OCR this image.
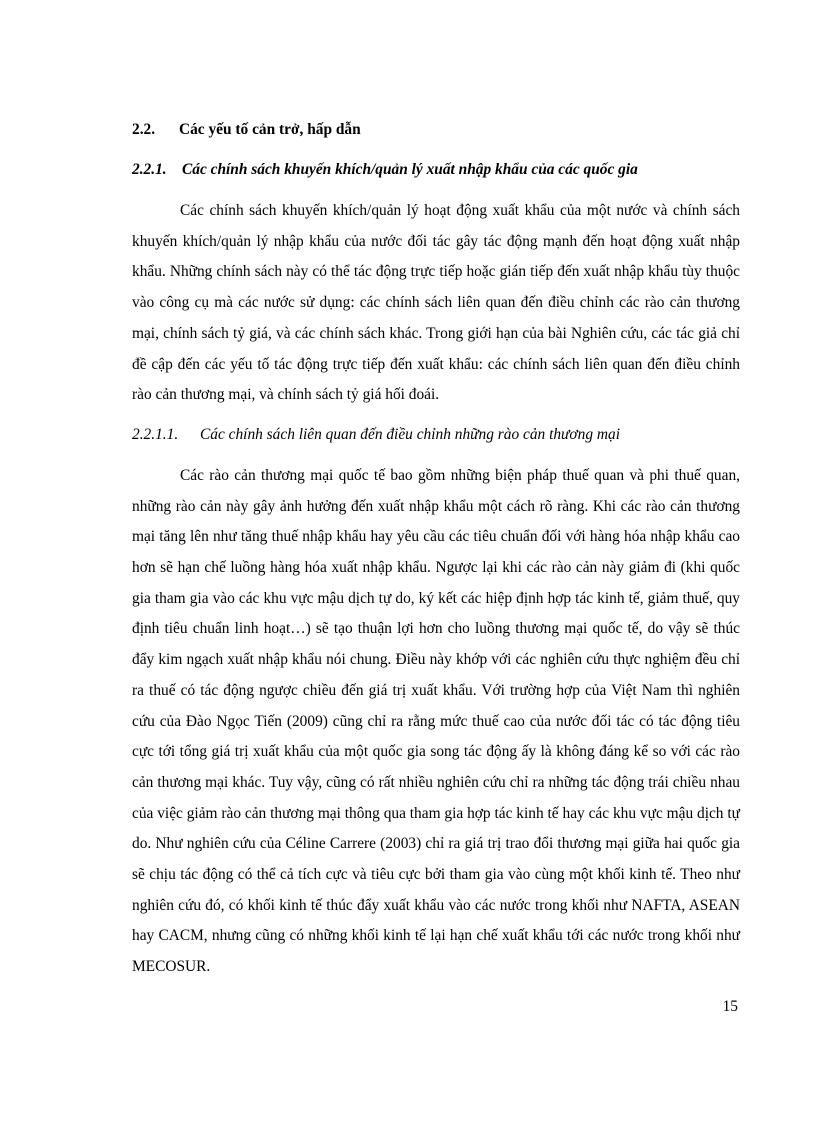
2.2. Các yếu tố cản trở, hấp dẫn
2.2.1. Các chính sách khuyến khích/quản lý xuất nhập khẩu của các quốc gia

Các chính sách khuyến khích/quản lý hoạt động xuất khẩu của một nước và chính sách khuyến khích/quản lý nhập khẩu của nước đối tác gây tác động mạnh đến hoạt động xuất nhập khẩu. Những chính sách này có thể tác động trực tiếp hoặc gián tiếp đến xuất nhập khẩu tùy thuộc vào công cụ mà các nước sử dụng: các chính sách liên quan đến điều chỉnh các rào cản thương mại, chính sách tỷ giá, và các chính sách khác. Trong giới hạn của bài Nghiên cứu, các tác giả chỉ đề cập đến các yếu tố tác động trực tiếp đến xuất khẩu: các chính sách liên quan đến điều chỉnh rào cản thương mại, và chính sách tỷ giá hối đoái.

2.2.1.1. Các chính sách liên quan đến điều chỉnh những rào cản thương mại

Các rào cản thương mại quốc tế bao gồm những biện pháp thuế quan và phi thuế quan, những rào cản này gây ảnh hưởng đến xuất nhập khẩu một cách rõ ràng. Khi các rào cản thương mại tăng lên như tăng thuế nhập khẩu hay yêu cầu các tiêu chuẩn đối với hàng hóa nhập khẩu cao hơn sẽ hạn chế luồng hàng hóa xuất nhập khẩu. Ngược lại khi các rào cản này giảm đi (khi quốc gia tham gia vào các khu vực mậu dịch tự do, ký kết các hiệp định hợp tác kinh tế, giảm thuế, quy định tiêu chuẩn linh hoạt…) sẽ tạo thuận lợi hơn cho luồng thương mại quốc tế, do vậy sẽ thúc đẩy kim ngạch xuất nhập khẩu nói chung. Điều này khớp với các nghiên cứu thực nghiệm đều chỉ ra thuế có tác động ngược chiều đến giá trị xuất khẩu. Với trường hợp của Việt Nam thì nghiên cứu của Đào Ngọc Tiến (2009) cũng chỉ ra rằng mức thuế cao của nước đối tác có tác động tiêu cực tới tổng giá trị xuất khẩu của một quốc gia song tác động ấy là không đáng kể so với các rào cản thương mại khác. Tuy vậy, cũng có rất nhiều nghiên cứu chỉ ra những tác động trái chiều nhau của việc giảm rào cản thương mại thông qua tham gia hợp tác kinh tế hay các khu vực mậu dịch tự do. Như nghiên cứu của Céline Carrere (2003) chỉ ra giá trị trao đổi thương mại giữa hai quốc gia sẽ chịu tác động có thể cả tích cực và tiêu cực bởi tham gia vào cùng một khối kinh tế. Theo như nghiên cứu đó, có khối kinh tế thúc đẩy xuất khẩu vào các nước trong khối như NAFTA, ASEAN hay CACM, nhưng cũng có những khối kinh tế lại hạn chế xuất khẩu tới các nước trong khối như MECOSUR.

15
